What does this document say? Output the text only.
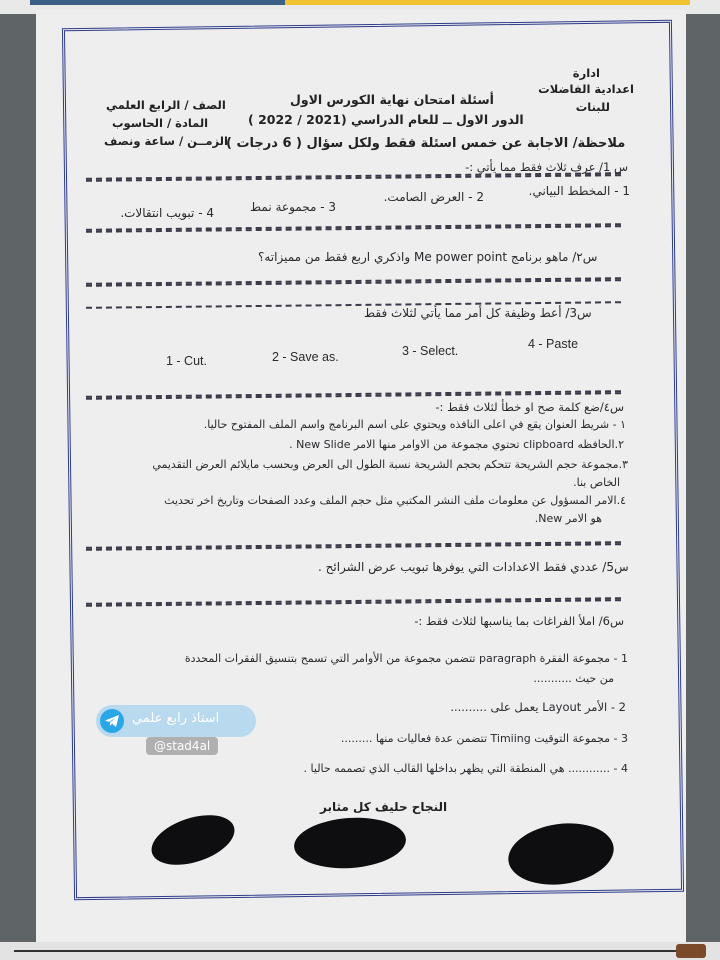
ادارة
اعدادية الفاضلات
للبنات
أسئلة امتحان نهاية الكورس الاول
الدور الاول ــ للعام الدراسي (2021 / 2022 )
الصف / الرابع العلمي
المادة / الحاسوب
الزمــن / ساعة ونصف
ملاحظة/ الاجابة عن خمس اسئلة فقط ولكل سؤال ( 6 درجات )
س 1/ عرف ثلاث فقط مما يأتي :-
1 - المخطط البياني.
2 - العرض الصامت.
3 - مجموعة نمط
4 - تبويب انتقالات.
س٢/ ماهو برنامج Me power point واذكري اربع فقط من مميزاته؟
س3/ أعط وظيفة كل أمر مما يأتي لثلاث فقط
1 - Cut.	2 - Save as.	3 - Select.	4 - Paste
س٤/ضع كلمة صح او خطأ لثلاث فقط :-
١ - شريط العنوان يقع في اعلى النافذه ويحتوي على اسم البرنامج واسم الملف المفتوح حاليا.
٢.الحافظه clipboard تحتوي مجموعة من الاوامر منها الامر New Slide .
٣.مجموعة حجم الشريحة تتحكم بحجم الشريحة نسبة الطول الى العرض وبحسب مايلائم العرض التقديمي
الخاص بنا.
٤.الامر المسؤول عن معلومات ملف النشر المكتبي مثل حجم الملف وعدد الصفحات وتاريخ اخر تحديث
هو الامر New.
س5/ عددي فقط الاعدادات التي يوفرها تبويب عرض الشرائح .
س6/ املأ الفراغات بما يناسبها لثلاث فقط :-
1 - مجموعة الفقرة paragraph تتضمن مجموعة من الأوامر التي تسمح بتنسيق الفقرات المحددة
من حيث ...........
2 - الأمر Layout يعمل على ..........
3 - مجموعة التوقيت Timiing تتضمن عدة فعاليات منها .........
4 - ............ هي المنطقة التي يظهر بداخلها القالب الذي تصممه حاليا .
النجاح حليف كل مثابر
استاذ رابع علمي
@stad4al
